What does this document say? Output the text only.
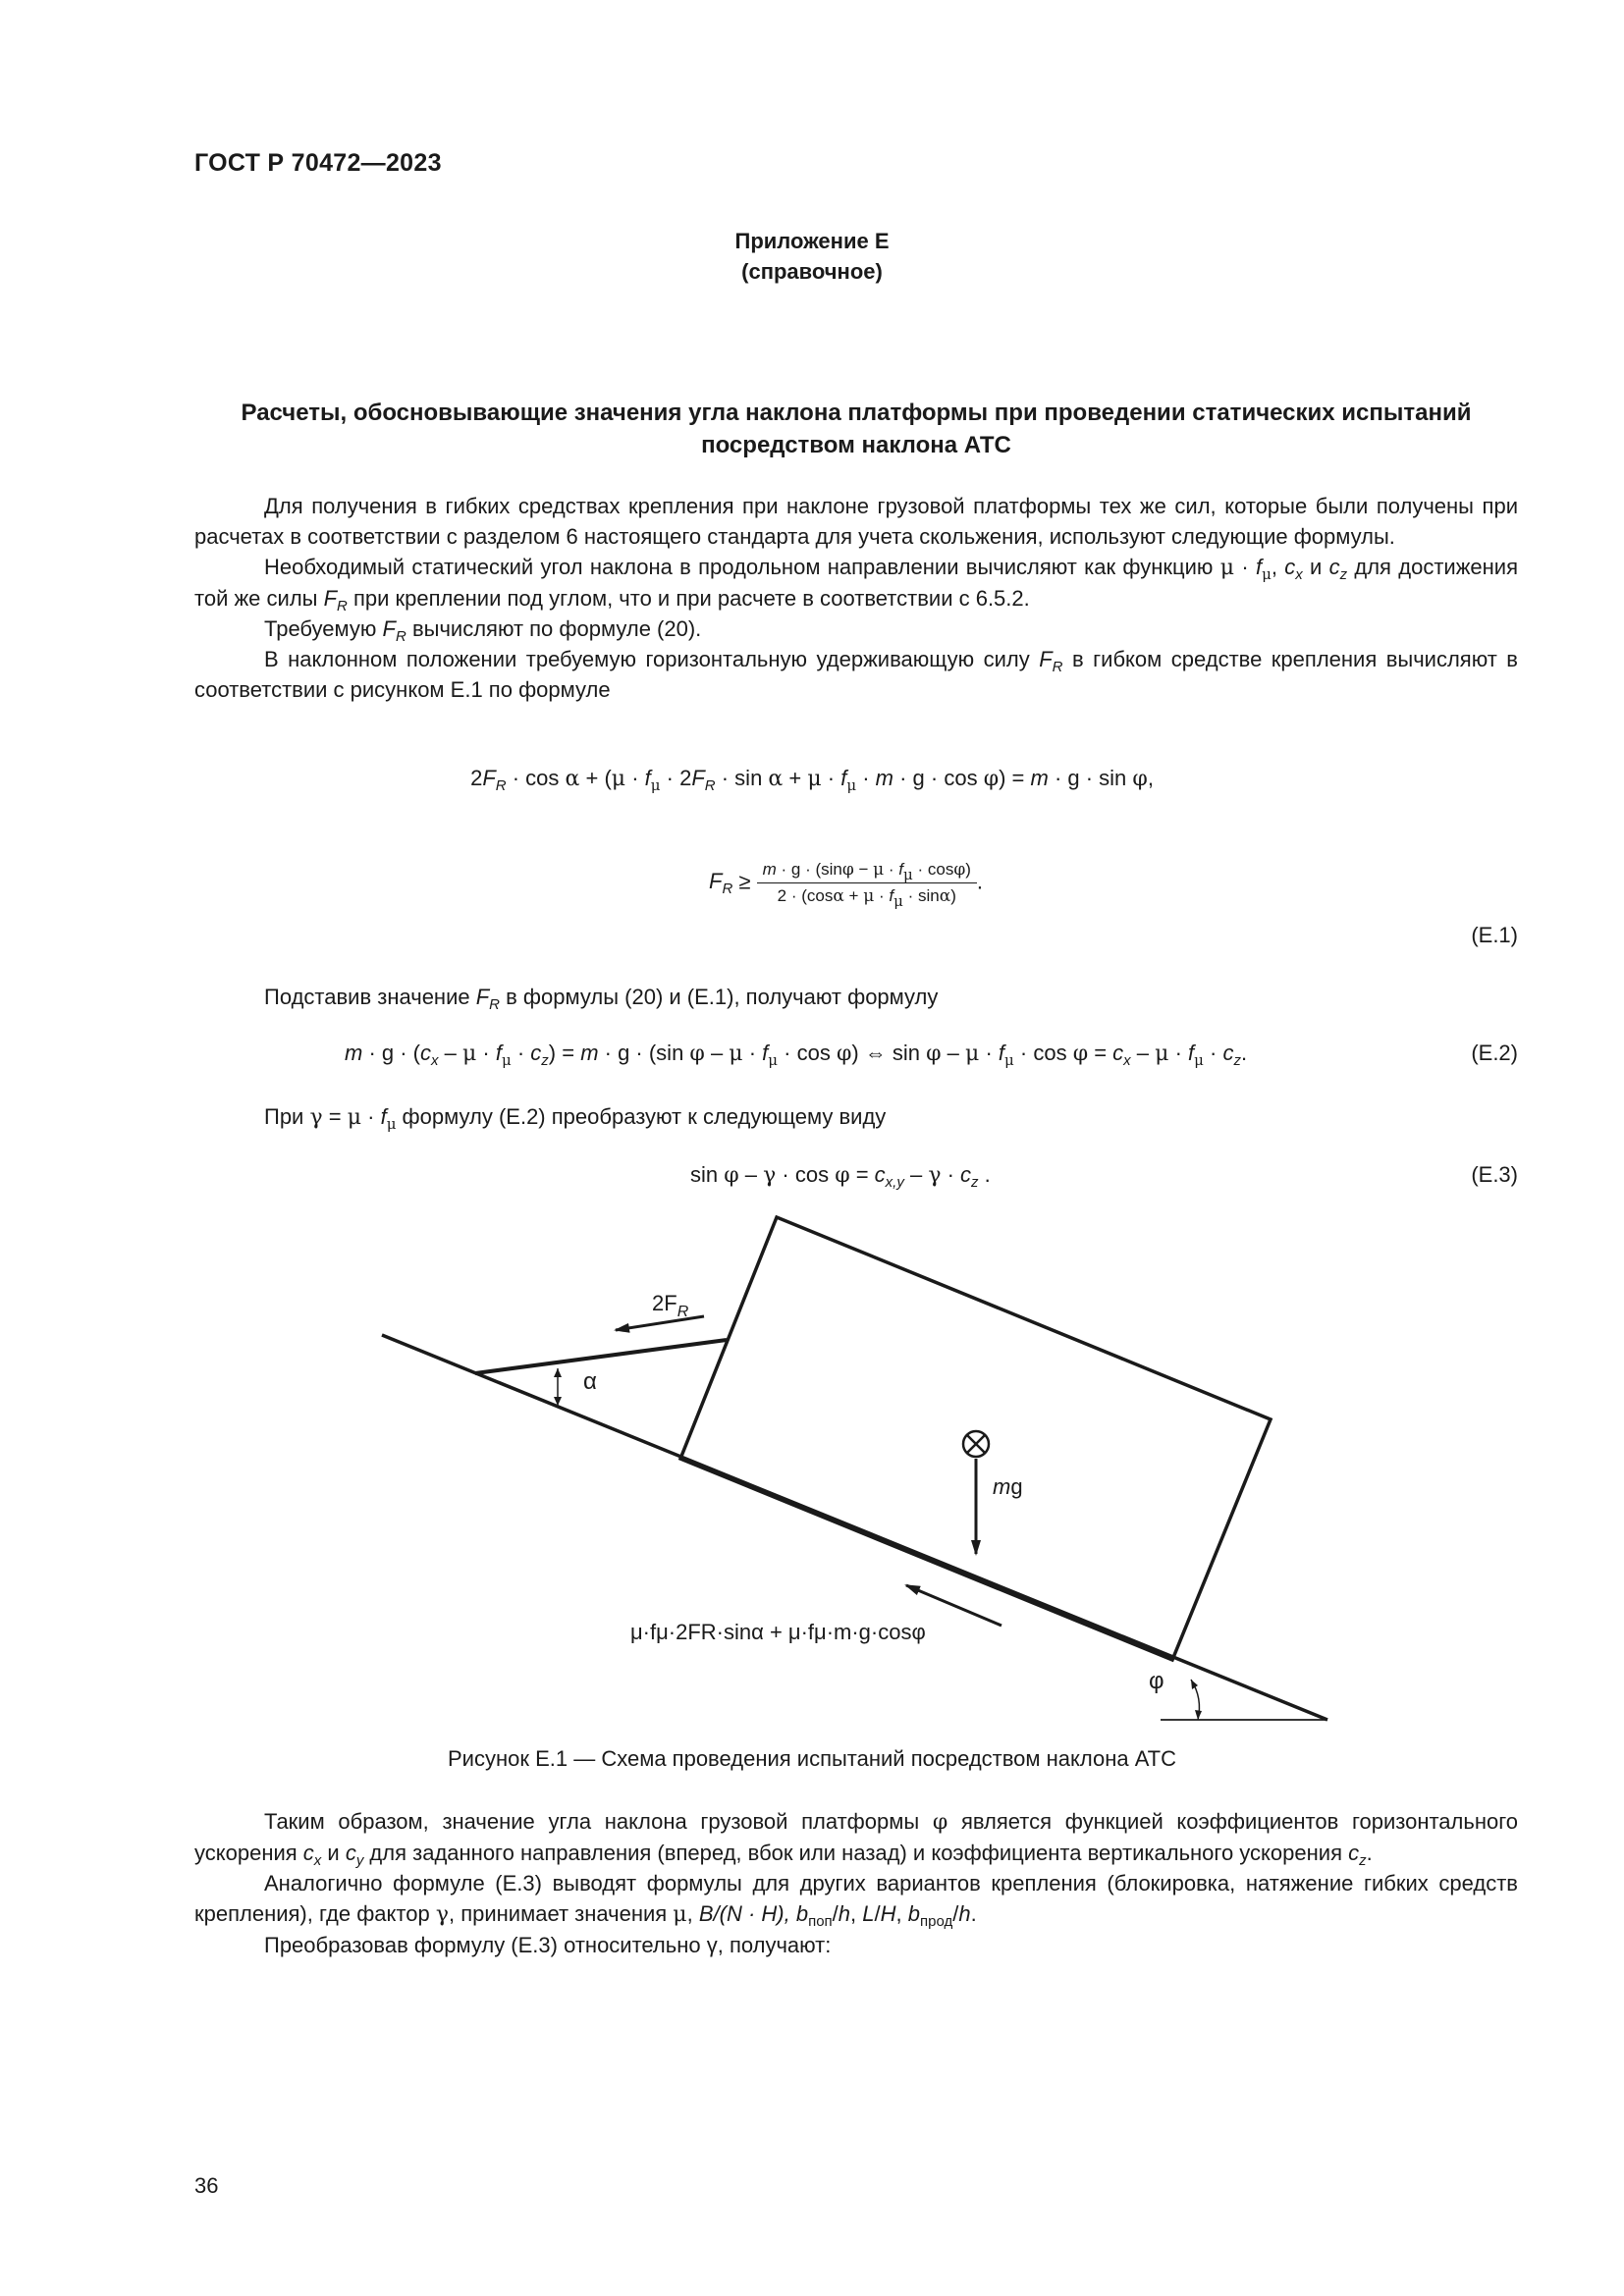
ГОСТ Р 70472—2023
Приложение Е
(справочное)
Расчеты, обосновывающие значения угла наклона платформы при проведении статических испытаний посредством наклона АТС

Для получения в гибких средствах крепления при наклоне грузовой платформы тех же сил, которые были получены при расчетах в соответствии с разделом 6 настоящего стандарта для учета скольжения, используют следующие формулы.

Необходимый статический угол наклона в продольном направлении вычисляют как функцию $\mu \cdot f_\mu$, $c_x$ и $c_z$ для достижения той же силы $F_R$ при креплении под углом, что и при расчете в соответствии с 6.5.2.

Требуемую $F_R$ вычисляют по формуле (20).

В наклонном положении требуемую горизонтальную удерживающую силу $F_R$ в гибком средстве крепления вычисляют в соответствии с рисунком Е.1 по формуле

$2F_R \cdot \cos \alpha + (\mu \cdot f_\mu \cdot 2F_R \cdot \sin \alpha + \mu \cdot f_\mu \cdot m \cdot g \cdot \cos \varphi) = m \cdot g \cdot \sin \varphi$,
$F_R \ge \frac{m \cdot g \cdot (\sin\varphi - \mu \cdot f_\mu \cdot \cos\varphi)}{2 \cdot (\cos\alpha + \mu \cdot f_\mu \cdot \sin\alpha)}$ .
(Е.1)

Подставив значение $F_R$ в формулы (20) и (Е.1), получают формулу

$m \cdot g \cdot (c_x - \mu \cdot f_\mu \cdot c_z) = m \cdot g \cdot (\sin$ $\varphi - \mu \cdot f_\mu \cdot \cos \varphi$) ⇔ $\sin \varphi - \mu \cdot f_\mu \cdot \cos \varphi = c_x - \mu \cdot f_\mu \cdot c_z$.	(Е.2)

При $\gamma = \mu \cdot f_\mu$ формулу (Е.2) преобразуют к следующему виду

$\sin \varphi - \gamma \cdot \cos \varphi = c_{x,y} - \gamma \cdot c_z$ .	(Е.3)
$2F_R$
α
mg
μ·fμ·2FR·sinα + μ·fμ·m·g·cosφ
φ
Рисунок Е.1 — Схема проведения испытаний посредством наклона АТС

Таким образом, значение угла наклона грузовой платформы φ является функцией коэффициентов горизонтального ускорения $c_x$ и $c_y$ для заданного направления (вперед, вбок или назад) и коэффициента вертикального ускорения $c_z$.

Аналогично формуле (Е.3) выводят формулы для других вариантов крепления (блокировка, натяжение гибких средств крепления), где фактор γ, принимает значения μ, B/(N · H), $b_{поп}/h$, L/H, $b_{прод}/h$.

Преобразовав формулу (Е.3) относительно γ, получают:

36
